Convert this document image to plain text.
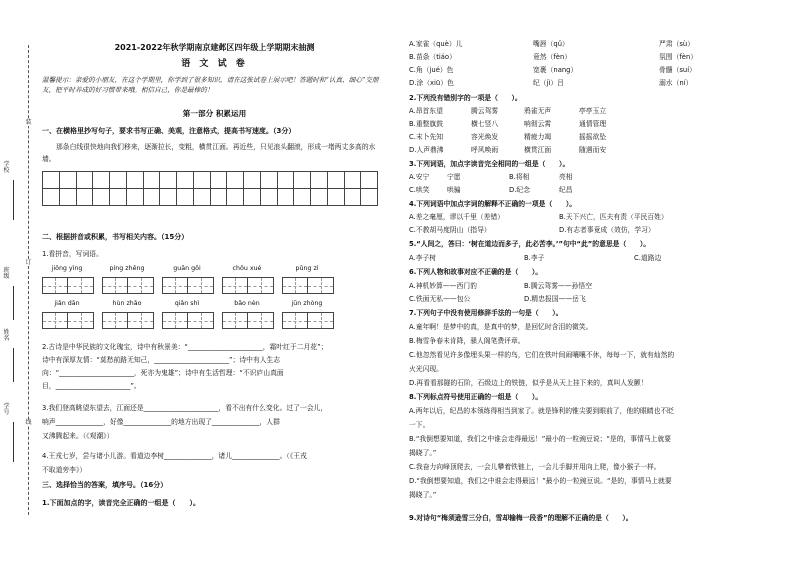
学校
班级
姓名
学号
装
订
线
2021-2022年秋学期南京建邺区四年级上学期期末抽测
语 文 试 卷
温馨提示：亲爱的小朋友，在这个学期里，你学到了很多知识，请在这张试卷上展示吧！答题时和“认真、细心”交朋友，把平时养成的好习惯带来哦。相信自己，你是最棒的！
第一部分 积累运用
一、在横格里抄写句子，要求书写正确、美观，注意格式，提高书写速度。（3分）
那条白线很快地向我们移来，逐渐拉长，变粗，横贯江面。再近些，只见浪头翻滚，形成一堵两丈多高的水墙。

二、根据拼音或积累，书写相关内容。（15分）
1.看拼音，写词语。
jiǒng yìng	píng zhěng	guān gōi	chōu xué	pǔng zì
jiǎn dān	hùn zhǎo	qiǎn shì	bǎo nèn	jūn zhòng
2.古诗是中华民族的文化瑰宝，诗中有秋景美：“______________________，霜叶红于二月花”；
诗中有深厚友情：“莫愁前路无知己，______________________”；诗中有人生志
向：“______________________，死亦为鬼雄”；诗中有生活哲理：“不识庐山真面
目，______________________”。
3.我们登高眺望东望去，江面还是______________________，看不出有什么变化。过了一会儿，
响声______________，好像______________的地方出现了______________，人群
又沸腾起来。（《观潮》）
4.王戎七岁，尝与诸小儿游。看道边李树______________，诸儿______________。（《王戎
不取道旁李》）
三、选择恰当的答案，填序号。（16分）
1.下面加点的字，读音完全正确的一组是（　　）。
A.家雀（què）儿	嘴唇（qǔ）	严肃（sù）
B.苗条（tiáo）	竟然（fèn）	氛围（fèn）
C.角（jué）色	宽裹（nang）	骨髓（suí）
D.涂（xiū）色	纪（jì）吕	溺水（ní）
2.下列没有错别字的一项是（　　）。
A.昂首东望	腾云驾雾	鸦雀无声	亭亭玉立
B.重整旗鼓	横七竖八	响彻云霄	通情管理
C.末卜先知	容光焕发	精疲力竭	摇摇欲坠
D.人声鼎沸	呼风唤雨	横贯江面	随遇而安
3.下列词语，加点字读音完全相同的一组是（　　）。
A.安宁	宁愿	B.将相	亮相
C.哄笑	哄骗	D.纪念	纪昌
4.下列词语中加点字词的解释不正确的一项是（　　）。
A.差之毫厘，谬以千里（差错）	B.天下兴亡，匹夫有责（平民百姓）
C.不教胡马度阴山（指导）	D.有志者事竟成（效仿，学习）
5.“人间之，答曰：‘树在道边而多子，此必苦李。’”句中“此”的意思是（　　）。
A.李子树	B.李子	C.道路边
6.下列人物和故事对应不正确的是（　　）。
A.神机妙算——西门豹	B.腾云驾雾——孙悟空
C.铁面无私——包公	D.精忠报国——岳飞
7.下列句子中没有使用修辞手法的一句是（　　）。
A.童年啊！是梦中的真，是真中的梦，是回忆时含泪的微笑。
B.梅雪争春未肯降，骚人阁笔费评章。
C.他忽然看见许多像埋头果一样的鸟，它们在铁叶间闹嚷嚷不休，每每一下，就有灿然的
火光闪现。
D.再看看那隧的石阶，石级边上的铁链，似乎是从天上挂下来的，真叫人发颤！
8.下列标点符号使用正确的一组是（　　）。
A.两年以后，纪昌的本领练得相当到家了。就是锋利的锥尖要到眼前了，他的眼睛也不眨
一下。
B.“我倒想要知道，我们之中谁会走得最远！”最小的一粒豌豆说；“是的，事情马上就要
揭晓了。”
C.我奋力向峰顶爬去，一会儿攀着铁链上，一会儿手脚并用向上爬，像小猴子一样。
D.“我倒想要知道，我们之中谁会走得最远！”最小的一粒豌豆说。“是的，事情马上就要
揭晓了。”
9.对诗句“梅须逊雪三分白，雪却输梅一段香”的理解不正确的是（　　）。
